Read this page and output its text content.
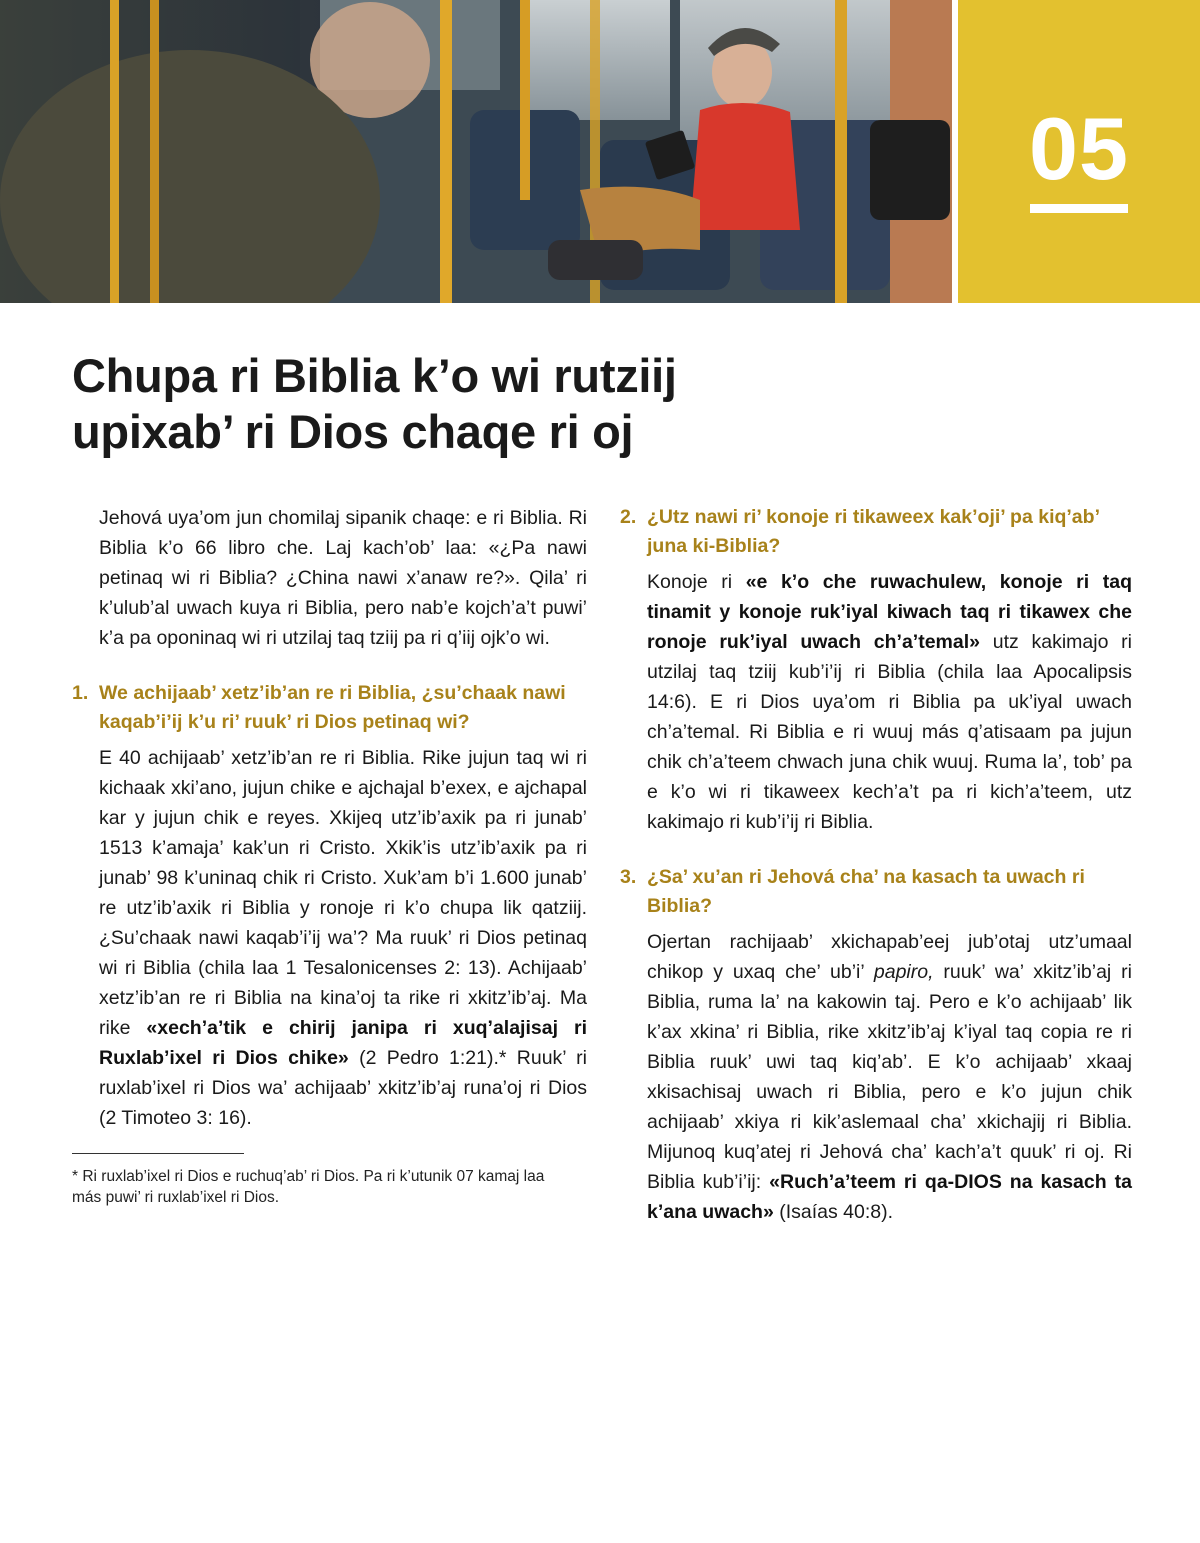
05
Chupa ri Biblia k’o wi rutziij
upixab’ ri Dios chaqe ri oj

Jehová uya’om jun chomilaj sipanik chaqe: e ri Biblia. Ri Biblia k’o 66 libro che. Laj kach’ob’ laa: «¿Pa nawi petinaq wi ri Biblia? ¿China nawi x’anaw re?». Qila’ ri k’ulub’al uwach kuya ri Biblia, pero nab’e kojch’a’t puwi’ k’a pa oponinaq wi ri utzilaj taq tziij pa ri q’iij ojk’o wi.

1. We achijaab’ xetz’ib’an re ri Biblia, ¿su’chaak nawi kaqab’i’ij k’u ri’ ruuk’ ri Dios petinaq wi?

E 40 achijaab’ xetz’ib’an re ri Biblia. Rike jujun taq wi ri kichaak xki’ano, jujun chike e ajchajal b’exex, e ajchapal kar y jujun chik e reyes. Xkijeq utz’ib’axik pa ri junab’ 1513 k’amaja’ kak’un ri Cristo. Xkik’is utz’ib’axik pa ri junab’ 98 k’uninaq chik ri Cristo. Xuk’am b’i 1.600 junab’ re utz’ib’axik ri Biblia y ronoje ri k’o chupa lik qatziij. ¿Su’chaak nawi kaqab’i’ij wa’? Ma ruuk’ ri Dios petinaq wi ri Biblia (chila laa 1 Tesalonicenses 2: 13). Achijaab’ xetz’ib’an re ri Biblia na kina’oj ta rike ri xkitz’ib’aj. Ma rike «xech’a’tik e chirij janipa ri xuq’alajisaj ri Ruxlab’ixel ri Dios chike» (2 Pedro 1:21).* Ruuk’ ri ruxlab’ixel ri Dios wa’ achijaab’ xkitz’ib’aj runa’oj ri Dios (2 Timoteo 3: 16).

* Ri ruxlab’ixel ri Dios e ruchuq’ab’ ri Dios. Pa ri k’utunik 07 kamaj laa más puwi’ ri ruxlab’ixel ri Dios.

2. ¿Utz nawi ri’ konoje ri tikaweex kak’oji’ pa kiq’ab’ juna ki-Biblia?

Konoje ri «e k’o che ruwachulew, konoje ri taq tinamit y konoje ruk’iyal kiwach taq ri tikawex che ronoje ruk’iyal uwach ch’a’temal» utz kakimajo ri utzilaj taq tziij kub’i’ij ri Biblia (chila laa Apocalipsis 14:6). E ri Dios uya’om ri Biblia pa uk’iyal uwach ch’a’temal. Ri Biblia e ri wuuj más q’atisaam pa jujun chik ch’a’teem chwach juna chik wuuj. Ruma la’, tob’ pa e k’o wi ri tikaweex kech’a’t pa ri kich’a’teem, utz kakimajo ri kub’i’ij ri Biblia.

3. ¿Sa’ xu’an ri Jehová cha’ na kasach ta uwach ri Biblia?

Ojertan rachijaab’ xkichapab’eej jub’otaj utz’umaal chikop y uxaq che’ ub’i’ papiro, ruuk’ wa’ xkitz’ib’aj ri Biblia, ruma la’ na kakowin taj. Pero e k’o achijaab’ lik k’ax xkina’ ri Biblia, rike xkitz’ib’aj k’iyal taq copia re ri Biblia ruuk’ uwi taq kiq’ab’. E k’o achijaab’ xkaaj xkisachisaj uwach ri Biblia, pero e k’o jujun chik achijaab’ xkiya ri kik’aslemaal cha’ xkichajij ri Biblia. Mijunoq kuq’atej ri Jehová cha’ kach’a’t quuk’ ri oj. Ri Biblia kub’i’ij: «Ruch’a’teem ri qa-DIOS na kasach ta k’ana uwach» (Isaías 40:8).
